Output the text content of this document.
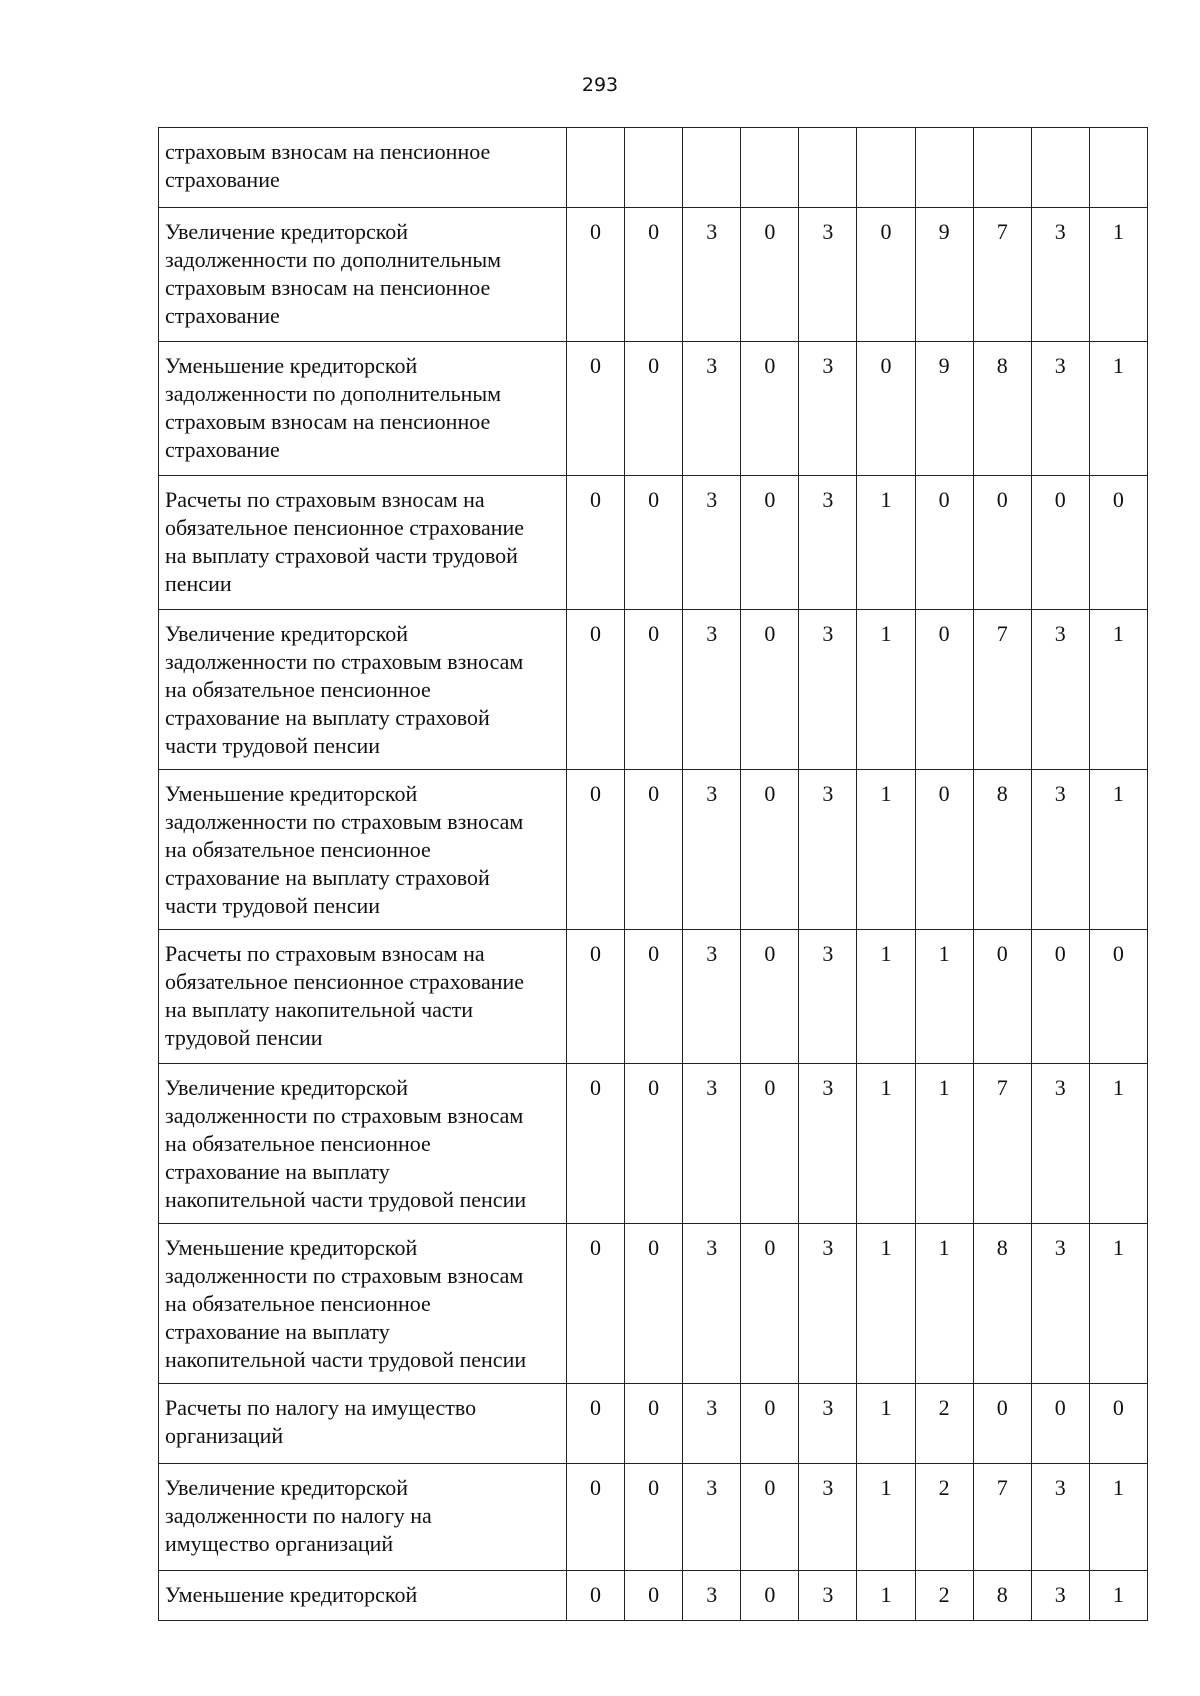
293
страховым взносам на пенсионное
страхование										

Увеличение кредиторской
задолженности по дополнительным
страховым взносам на пенсионное
страхование	0	0	3	0	3	0	9	7	3	1

Уменьшение кредиторской
задолженности по дополнительным
страховым взносам на пенсионное
страхование	0	0	3	0	3	0	9	8	3	1

Расчеты по страховым взносам на
обязательное пенсионное страхование
на выплату страховой части трудовой
пенсии	0	0	3	0	3	1	0	0	0	0

Увеличение кредиторской
задолженности по страховым взносам
на обязательное пенсионное
страхование на выплату страховой
части трудовой пенсии	0	0	3	0	3	1	0	7	3	1

Уменьшение кредиторской
задолженности по страховым взносам
на обязательное пенсионное
страхование на выплату страховой
части трудовой пенсии	0	0	3	0	3	1	0	8	3	1

Расчеты по страховым взносам на
обязательное пенсионное страхование
на выплату накопительной части
трудовой пенсии	0	0	3	0	3	1	1	0	0	0

Увеличение кредиторской
задолженности по страховым взносам
на обязательное пенсионное
страхование на выплату
накопительной части трудовой пенсии	0	0	3	0	3	1	1	7	3	1

Уменьшение кредиторской
задолженности по страховым взносам
на обязательное пенсионное
страхование на выплату
накопительной части трудовой пенсии	0	0	3	0	3	1	1	8	3	1

Расчеты по налогу на имущество
организаций	0	0	3	0	3	1	2	0	0	0

Увеличение кредиторской
задолженности по налогу на
имущество организаций	0	0	3	0	3	1	2	7	3	1

Уменьшение кредиторской	0	0	3	0	3	1	2	8	3	1
